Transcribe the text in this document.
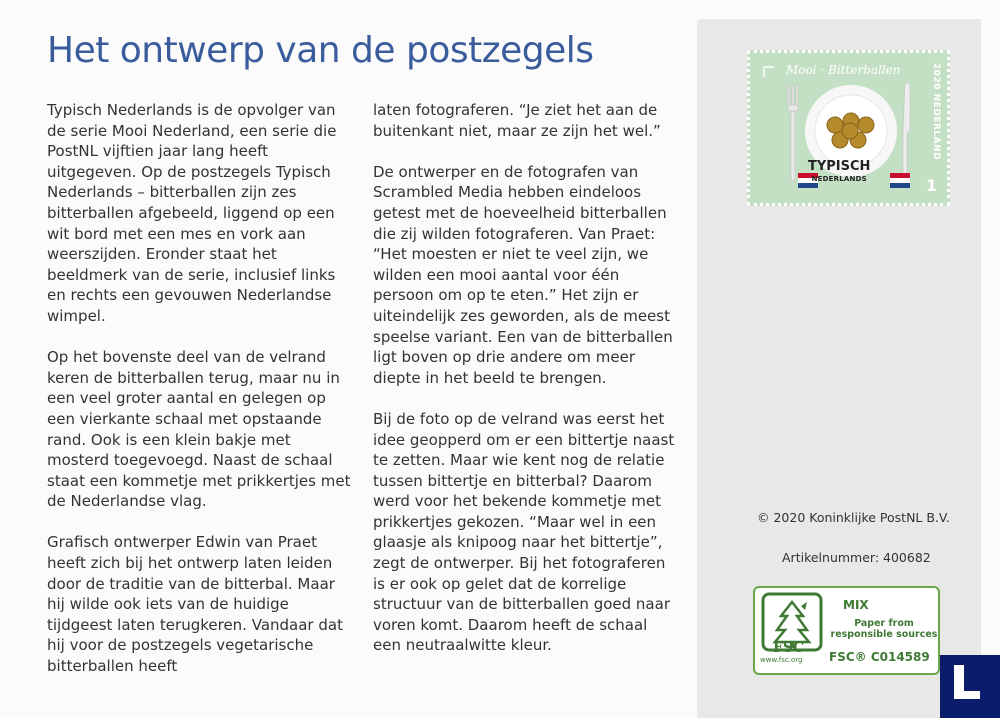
Het ontwerp van de postzegels

Typisch Nederlands is de opvolger van de serie Mooi Nederland, een serie die PostNL vijftien jaar lang heeft uitgegeven. Op de postzegels Typisch Nederlands – bitterballen zijn zes bitterballen afgebeeld, liggend op een wit bord met een mes en vork aan weerszijden. Eronder staat het beeldmerk van de serie, inclusief links en rechts een gevouwen Nederlandse wimpel.

Op het bovenste deel van de velrand keren de bitterballen terug, maar nu in een veel groter aantal en gelegen op een vierkante schaal met opstaande rand. Ook is een klein bakje met mosterd toegevoegd. Naast de schaal staat een kommetje met prikkertjes met de Nederlandse vlag.

Grafisch ontwerper Edwin van Praet heeft zich bij het ontwerp laten leiden door de traditie van de bitterbal. Maar hij wilde ook iets van de huidige tijdgeest laten terugkeren. Vandaar dat hij voor de postzegels vegetarische bitterballen heeft

laten fotograferen. “Je ziet het aan de buitenkant niet, maar ze zijn het wel.”

De ontwerper en de fotografen van Scrambled Media hebben eindeloos getest met de hoeveelheid bitterballen die zij wilden fotograferen. Van Praet: “Het moesten er niet te veel zijn, we wilden een mooi aantal voor één persoon om op te eten.” Het zijn er uiteindelijk zes geworden, als de meest speelse variant. Een van de bitterballen ligt boven op drie andere om meer diepte in het beeld te brengen.

Bij de foto op de velrand was eerst het idee geopperd om er een bittertje naast te zetten. Maar wie kent nog de relatie tussen bittertje en bitterbal? Daarom werd voor het bekende kommetje met prikkertjes gekozen. “Maar wel in een glaasje als knipoog naar het bittertje”, zegt de ontwerper. Bij het fotograferen is er ook op gelet dat de korrelige structuur van de bitterballen goed naar voren komt. Daarom heeft de schaal een neutraalwitte kleur.

Mooi · Bitterballen	2020 NEDERLAND
1
TYPISCH
NEDERLANDS
© 2020 Koninklijke PostNL B.V.
Artikelnummer: 400682
FSC
www.fsc.org
MIX
Paper from responsible sources
FSC® C014589
